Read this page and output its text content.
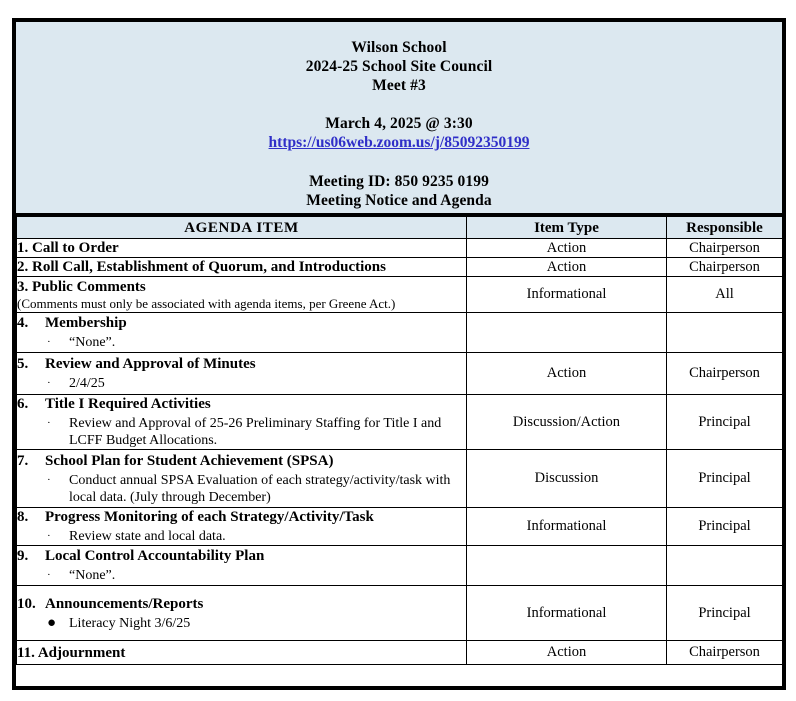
Wilson School
2024-25 School Site Council
Meet #3
March 4, 2025 @ 3:30
https://us06web.zoom.us/j/85092350199
Meeting ID: 850 9235 0199
Meeting Notice and Agenda
AGENDA ITEM	Item Type	Responsible

1. Call to Order	Action	Chairperson

2. Roll Call, Establishment of Quorum, and Introductions	Action	Chairperson

3. Public Comments
(Comments must only be associated with agenda items, per Greene Act.)	Informational	All

4. Membership
· “None”.		

5. Review and Approval of Minutes
· 2/4/25	Action	Chairperson

6. Title I Required Activities
· Review and Approval of 25-26 Preliminary Staffing for Title I and LCFF Budget Allocations.	Discussion/Action	Principal

7. School Plan for Student Achievement (SPSA)
· Conduct annual SPSA Evaluation of each strategy/activity/task with local data. (July through December)	Discussion	Principal

8. Progress Monitoring of each Strategy/Activity/Task
· Review state and local data.	Informational	Principal

9. Local Control Accountability Plan
· “None”.		

10. Announcements/Reports
● Literacy Night 3/6/25	Informational	Principal

11. Adjournment	Action	Chairperson
